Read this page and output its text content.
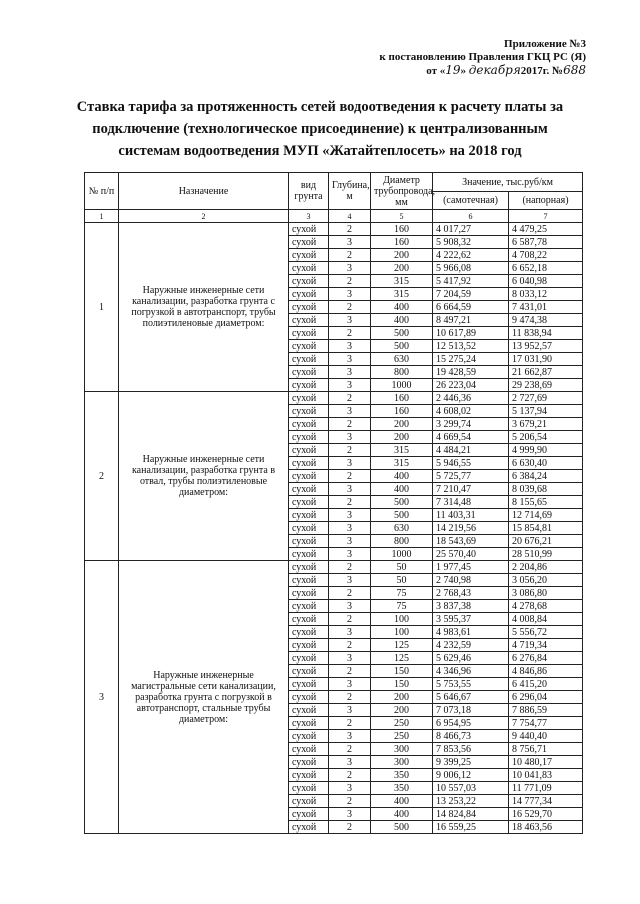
Приложение №3
к постановлению Правления ГКЦ РС (Я)
от «19» декабря2017г. №688
Ставка тарифа за протяженность сетей водоотведения к расчету платы за подключение (технологическое присоединение) к централизованным системам водоотведения МУП «Жатайтеплосеть» на 2018 год
№ п/п	Назначение	вид грунта	Глубина, м	Диаметр трубопровода, мм	Значение, тыс.руб/км	
					(самотечная)	(напорная)
1	2	3	4	5	6	7
1	Наружные инженерные сети канализации, разработка грунта с погрузкой в автотранспорт, трубы полиэтиленовые диаметром:	сухой	2	160	4 017,27	4 479,25
		сухой	3	160	5 908,32	6 587,78
		сухой	2	200	4 222,62	4 708,22
		сухой	3	200	5 966,08	6 652,18
		сухой	2	315	5 417,92	6 040,98
		сухой	3	315	7 204,59	8 033,12
		сухой	2	400	6 664,59	7 431,01
		сухой	3	400	8 497,21	9 474,38
		сухой	2	500	10 617,89	11 838,94
		сухой	3	500	12 513,52	13 952,57
		сухой	3	630	15 275,24	17 031,90
		сухой	3	800	19 428,59	21 662,87
		сухой	3	1000	26 223,04	29 238,69
2	Наружные инженерные сети канализации, разработка грунта в отвал, трубы полиэтиленовые диаметром:	сухой	2	160	2 446,36	2 727,69
		сухой	3	160	4 608,02	5 137,94
		сухой	2	200	3 299,74	3 679,21
		сухой	3	200	4 669,54	5 206,54
		сухой	2	315	4 484,21	4 999,90
		сухой	3	315	5 946,55	6 630,40
		сухой	2	400	5 725,77	6 384,24
		сухой	3	400	7 210,47	8 039,68
		сухой	2	500	7 314,48	8 155,65
		сухой	3	500	11 403,31	12 714,69
		сухой	3	630	14 219,56	15 854,81
		сухой	3	800	18 543,69	20 676,21
		сухой	3	1000	25 570,40	28 510,99
3	Наружные инженерные магистральные сети канализации, разработка грунта с погрузкой в автотранспорт, стальные трубы диаметром:	сухой	2	50	1 977,45	2 204,86
		сухой	3	50	2 740,98	3 056,20
		сухой	2	75	2 768,43	3 086,80
		сухой	3	75	3 837,38	4 278,68
		сухой	2	100	3 595,37	4 008,84
		сухой	3	100	4 983,61	5 556,72
		сухой	2	125	4 232,59	4 719,34
		сухой	3	125	5 629,46	6 276,84
		сухой	2	150	4 346,96	4 846,86
		сухой	3	150	5 753,55	6 415,20
		сухой	2	200	5 646,67	6 296,04
		сухой	3	200	7 073,18	7 886,59
		сухой	2	250	6 954,95	7 754,77
		сухой	3	250	8 466,73	9 440,40
		сухой	2	300	7 853,56	8 756,71
		сухой	3	300	9 399,25	10 480,17
		сухой	2	350	9 006,12	10 041,83
		сухой	3	350	10 557,03	11 771,09
		сухой	2	400	13 253,22	14 777,34
		сухой	3	400	14 824,84	16 529,70
		сухой	2	500	16 559,25	18 463,56
